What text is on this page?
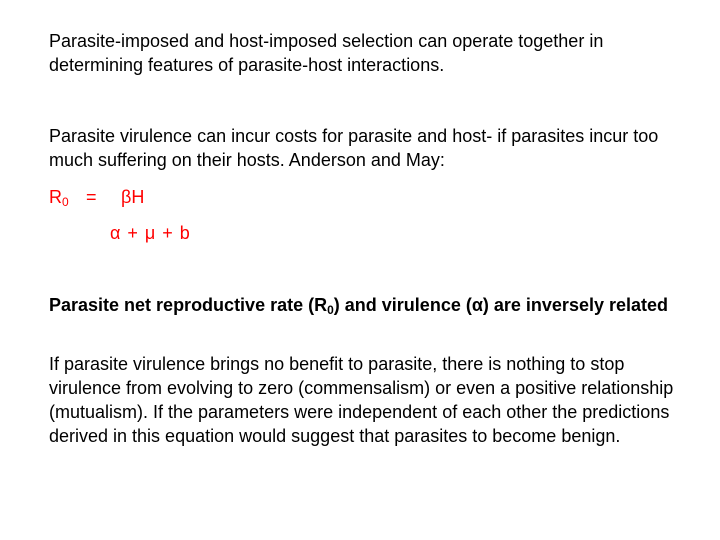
Parasite-imposed and host-imposed selection can operate together in determining features of parasite-host interactions.

Parasite virulence can incur costs for parasite and host- if parasites incur too much suffering on their hosts. Anderson and May:

$R_0 = \beta H$
α + μ + b

Parasite net reproductive rate $(R_0)$ and virulence (α) are inversely related

If parasite virulence brings no benefit to parasite, there is nothing to stop virulence from evolving to zero (commensalism) or even a positive relationship (mutualism). If the parameters were independent of each other the predictions derived in this equation would suggest that parasites to become benign.
